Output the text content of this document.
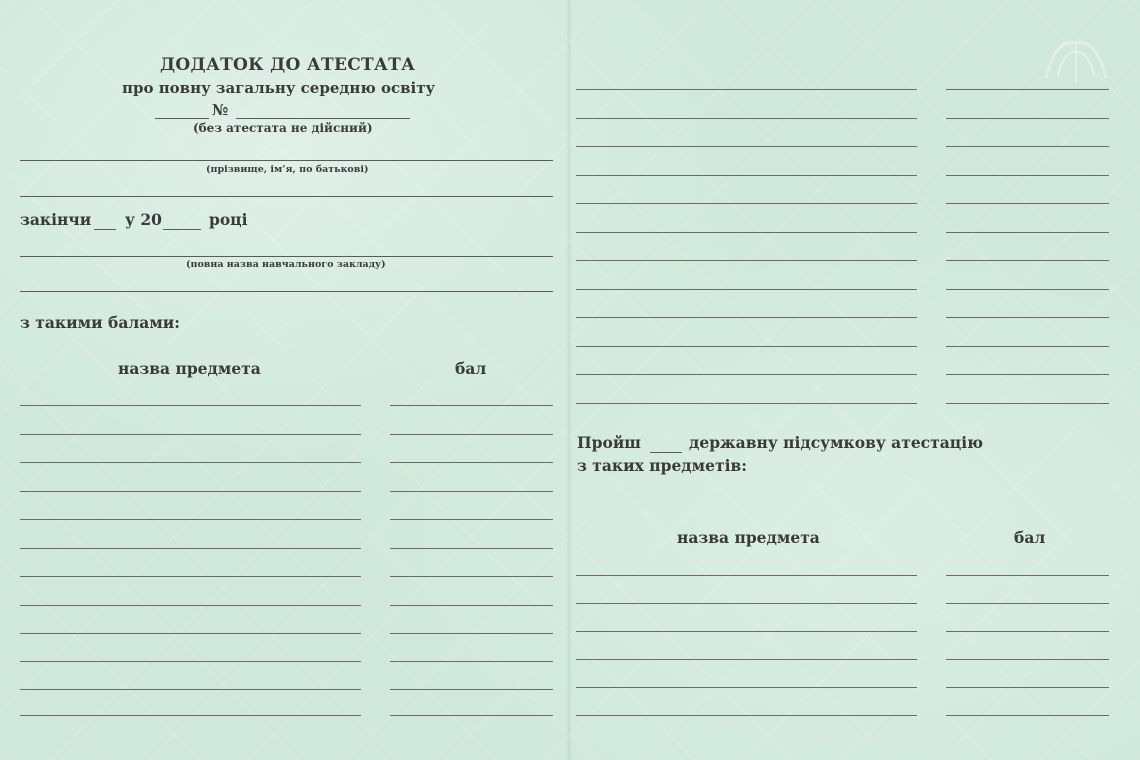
ДОДАТОК ДО АТЕСТАТА
про повну загальну середню освіту
№
(без атестата не дійсний)
(прізвище, ім’я, по батькові)
закінчи у 20	році
(повна назва навчального закладу)
з такими балами:
назва предмета	бал
Пройш	державну підсумкову атестацію
з таких предметів:
назва предмета	бал
